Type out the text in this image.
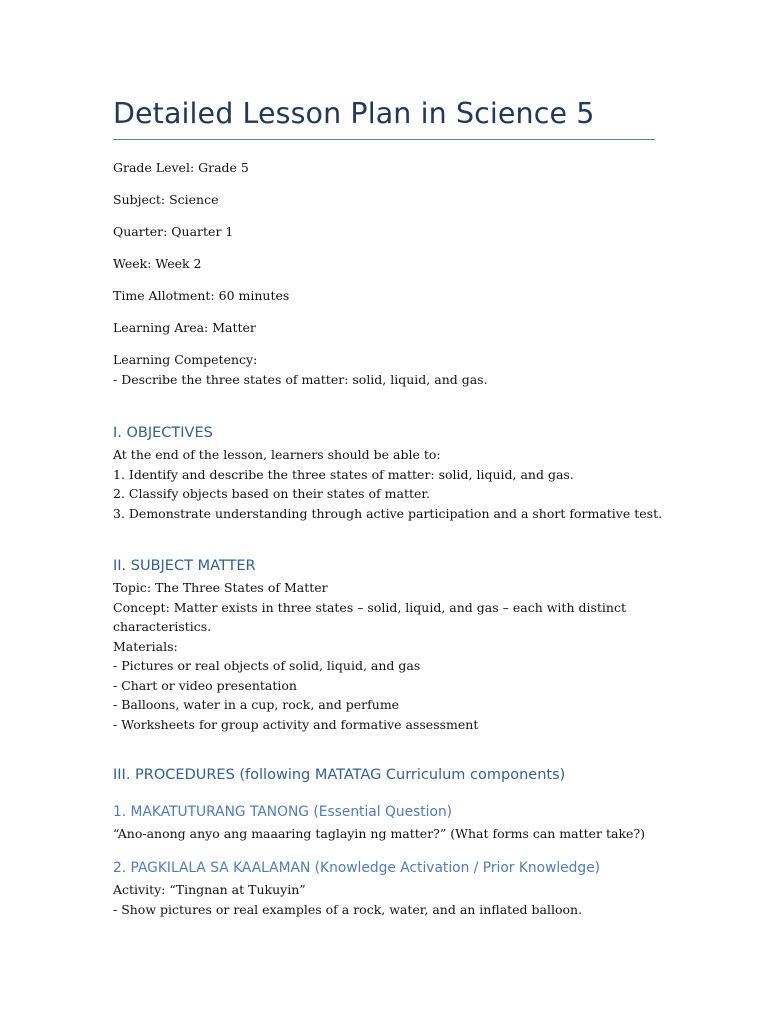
Detailed Lesson Plan in Science 5

Grade Level: Grade 5

Subject: Science

Quarter: Quarter 1

Week: Week 2

Time Allotment: 60 minutes

Learning Area: Matter

Learning Competency:
- Describe the three states of matter: solid, liquid, and gas.
I. OBJECTIVES
At the end of the lesson, learners should be able to:
1. Identify and describe the three states of matter: solid, liquid, and gas.
2. Classify objects based on their states of matter.
3. Demonstrate understanding through active participation and a short formative test.
II. SUBJECT MATTER
Topic: The Three States of Matter
Concept: Matter exists in three states – solid, liquid, and gas – each with distinct
characteristics.
Materials:
- Pictures or real objects of solid, liquid, and gas
- Chart or video presentation
- Balloons, water in a cup, rock, and perfume
- Worksheets for group activity and formative assessment
III. PROCEDURES (following MATATAG Curriculum components)
1. MAKATUTURANG TANONG (Essential Question)

“Ano-anong anyo ang maaaring taglayin ng matter?” (What forms can matter take?)

2. PAGKILALA SA KAALAMAN (Knowledge Activation / Prior Knowledge)
Activity: “Tingnan at Tukuyin”
- Show pictures or real examples of a rock, water, and an inflated balloon.
